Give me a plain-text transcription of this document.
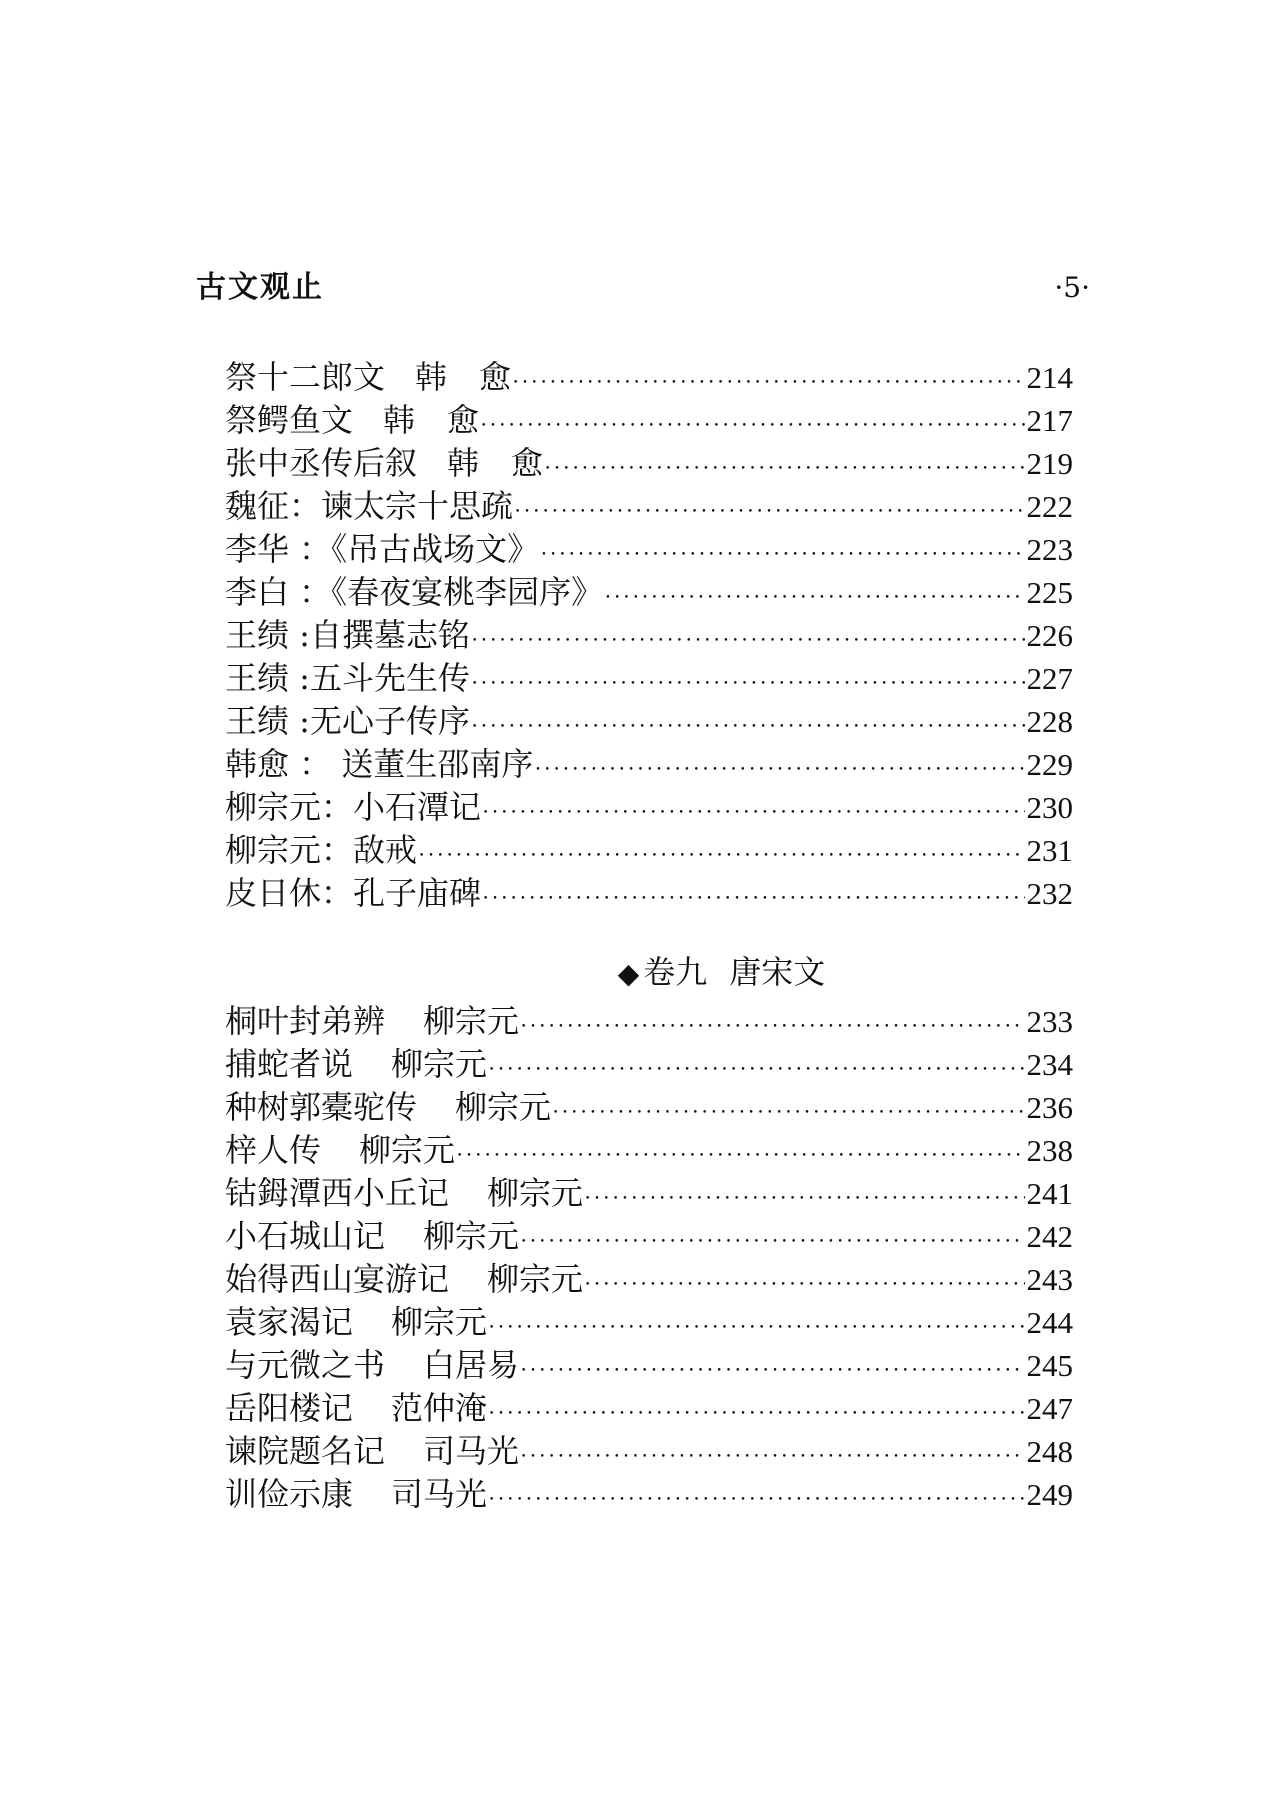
古文观止	·5·
祭十二郎文 韩　愈 •••••	214
祭鳄鱼文 韩　愈 •••••	217
张中丞传后叙 韩　愈 •••••	219
魏征：谏太宗十思疏 •••••	222
李华 ：《吊古战场文》 •••••	223
李白 ：《春夜宴桃李园序》 •••••	225
王绩 :自撰墓志铭 •••••	226
王绩 :五斗先生传 •••••	227
王绩 :无心子传序 •••••	228
韩愈 ： 送董生邵南序 •••••	229
柳宗元：小石潭记 •••••	230
柳宗元：敌戒 •••••	231
皮日休：孔子庙碑 •••••	232
◆ 卷九 唐宋文
桐叶封弟辨 柳宗元 •••••	233
捕蛇者说 柳宗元 •••••	234
种树郭橐驼传 柳宗元 •••••	236
梓人传 柳宗元 •••••	238
钴鉧潭西小丘记 柳宗元 •••••	241
小石城山记 柳宗元 •••••	242
始得西山宴游记 柳宗元 •••••	243
袁家渴记 柳宗元 •••••	244
与元微之书 白居易 •••••	245
岳阳楼记 范仲淹 •••••	247
谏院题名记 司马光 •••••	248
训俭示康 司马光 •••••	249
